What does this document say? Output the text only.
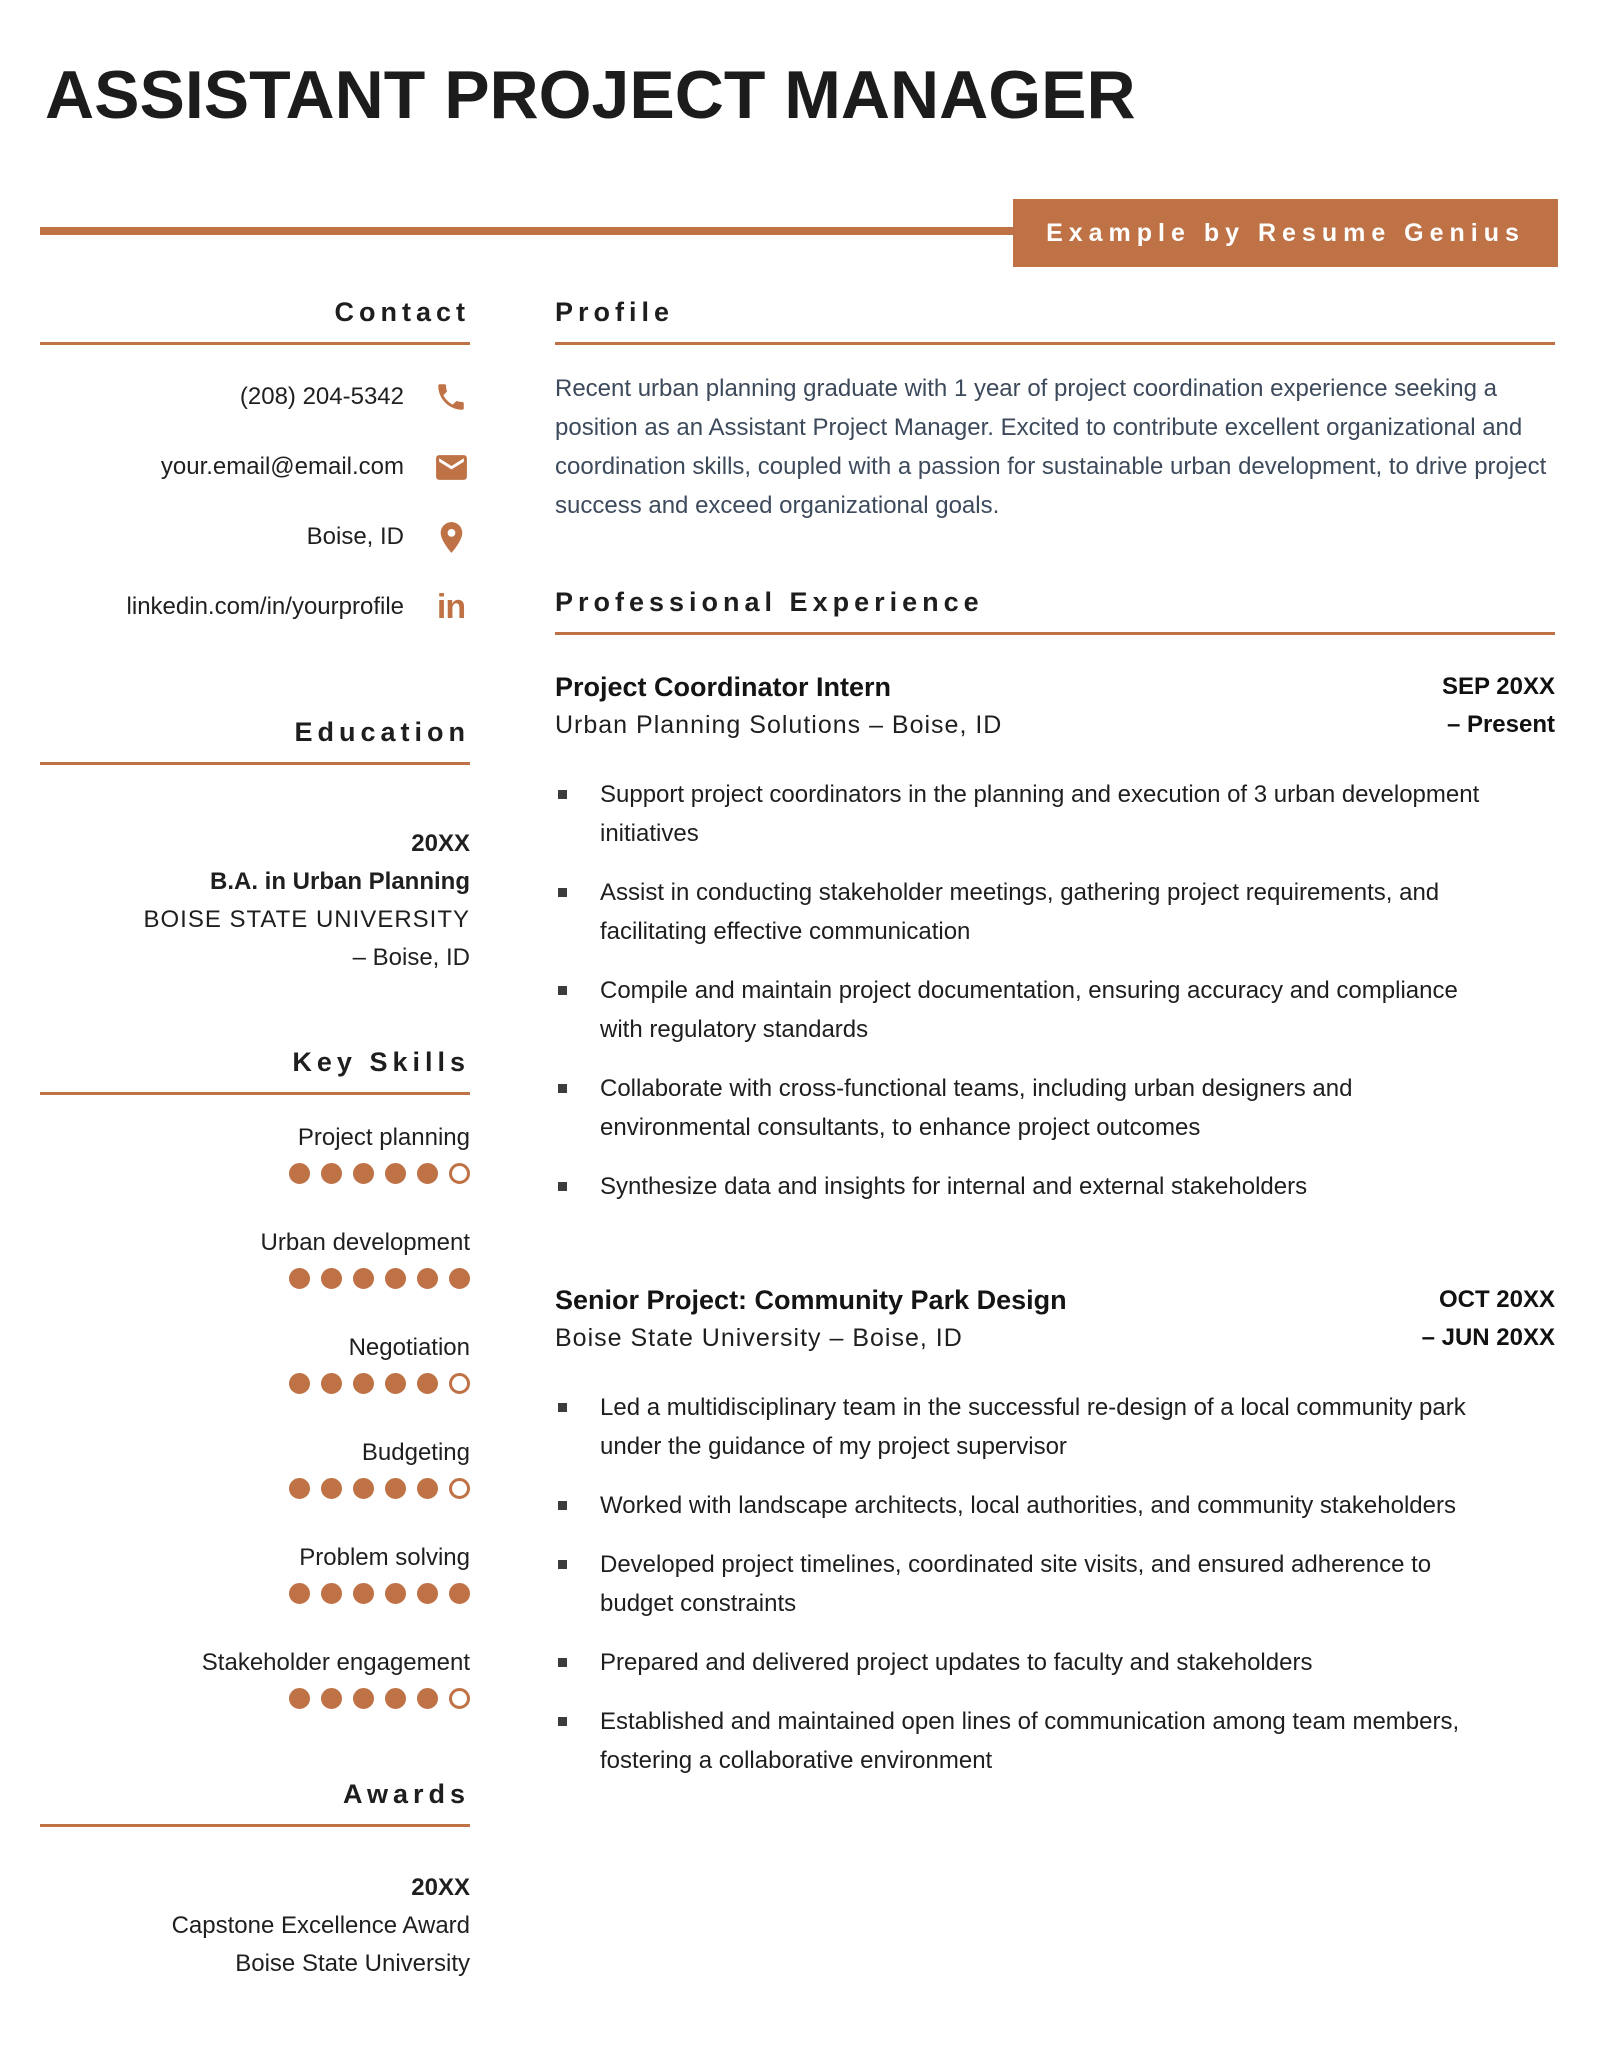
ASSISTANT PROJECT MANAGER
Example by Resume Genius
Contact
(208) 204-5342
your.email@email.com
Boise, ID
linkedin.com/in/yourprofile in
Education
20XX
B.A. in Urban Planning
BOISE STATE UNIVERSITY
– Boise, ID
Key Skills
Project planning
Urban development
Negotiation
Budgeting
Problem solving
Stakeholder engagement
Awards
20XX
Capstone Excellence Award
Boise State University
Profile

Recent urban planning graduate with 1 year of project coordination experience seeking a position as an Assistant Project Manager. Excited to contribute excellent organizational and coordination skills, coupled with a passion for sustainable urban development, to drive project success and exceed organizational goals.

Professional Experience
Project Coordinator Intern
Urban Planning Solutions – Boise, ID
SEP 20XX
– Present
Support project coordinators in the planning and execution of 3 urban development initiatives
Assist in conducting stakeholder meetings, gathering project requirements, and facilitating effective communication
Compile and maintain project documentation, ensuring accuracy and compliance with regulatory standards
Collaborate with cross-functional teams, including urban designers and environmental consultants, to enhance project outcomes
Synthesize data and insights for internal and external stakeholders
Senior Project: Community Park Design
Boise State University – Boise, ID
OCT 20XX
– JUN 20XX
Led a multidisciplinary team in the successful re-design of a local community park under the guidance of my project supervisor
Worked with landscape architects, local authorities, and community stakeholders
Developed project timelines, coordinated site visits, and ensured adherence to budget constraints
Prepared and delivered project updates to faculty and stakeholders
Established and maintained open lines of communication among team members, fostering a collaborative environment
